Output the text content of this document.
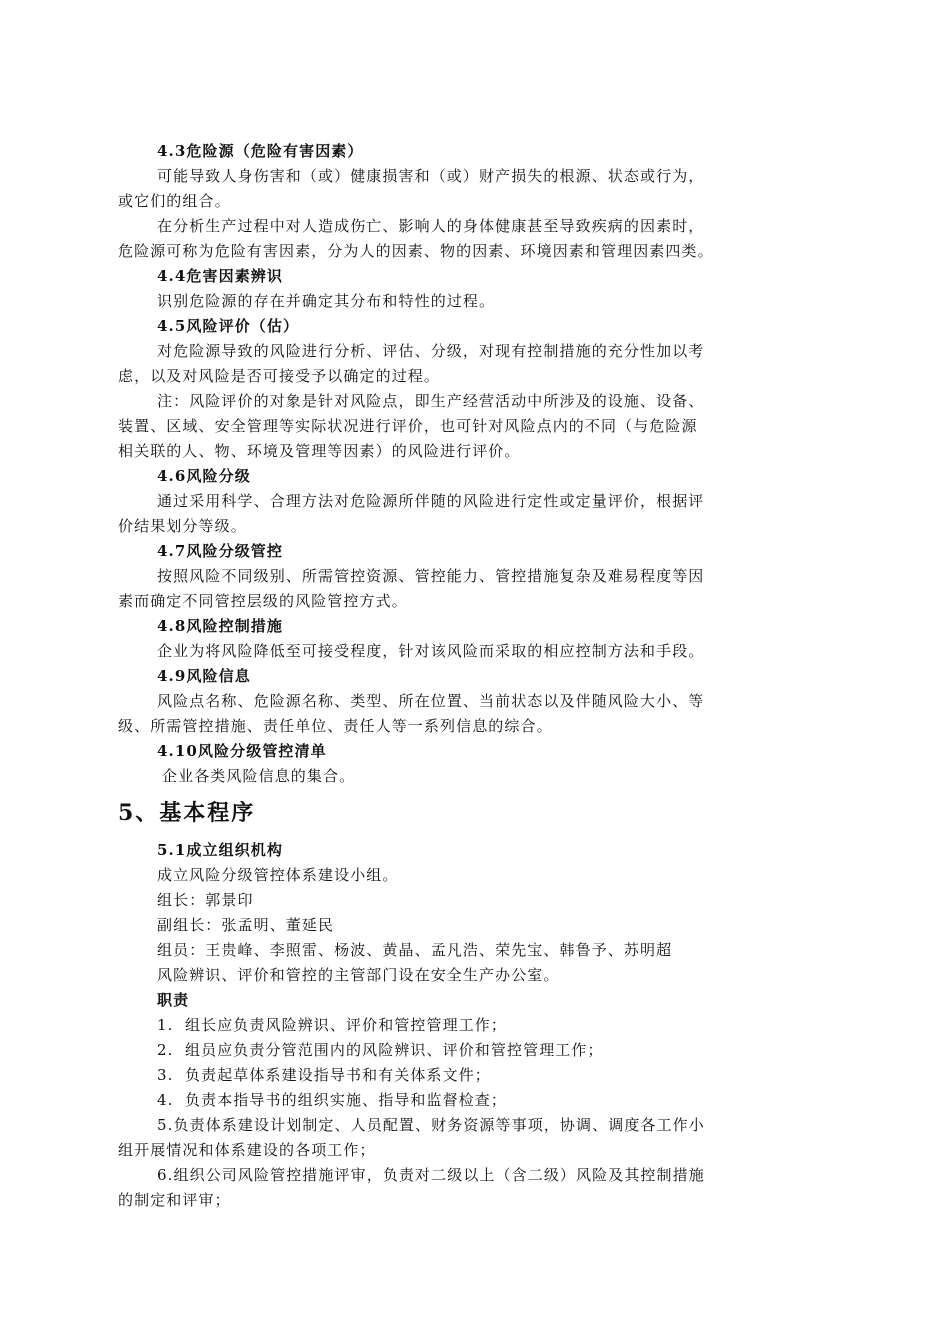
4.3危险源（危险有害因素）
可能导致人身伤害和（或）健康损害和（或）财产损失的根源、状态或行为，
或它们的组合。
在分析生产过程中对人造成伤亡、影响人的身体健康甚至导致疾病的因素时，
危险源可称为危险有害因素，分为人的因素、物的因素、环境因素和管理因素四类。
4.4危害因素辨识
识别危险源的存在并确定其分布和特性的过程。
4.5风险评价（估）
对危险源导致的风险进行分析、评估、分级，对现有控制措施的充分性加以考
虑，以及对风险是否可接受予以确定的过程。
注：风险评价的对象是针对风险点，即生产经营活动中所涉及的设施、设备、
装置、区域、安全管理等实际状况进行评价，也可针对风险点内的不同（与危险源
相关联的人、物、环境及管理等因素）的风险进行评价。
4.6风险分级
通过采用科学、合理方法对危险源所伴随的风险进行定性或定量评价，根据评
价结果划分等级。
4.7风险分级管控
按照风险不同级别、所需管控资源、管控能力、管控措施复杂及难易程度等因
素而确定不同管控层级的风险管控方式。
4.8风险控制措施
企业为将风险降低至可接受程度，针对该风险而采取的相应控制方法和手段。
4.9风险信息
风险点名称、危险源名称、类型、所在位置、当前状态以及伴随风险大小、等
级、所需管控措施、责任单位、责任人等一系列信息的综合。
4.10风险分级管控清单
企业各类风险信息的集合。
5、基本程序
5.1成立组织机构
成立风险分级管控体系建设小组。
组长：郭景印
副组长：张孟明、董延民
组员：王贵峰、李照雷、杨波、黄晶、孟凡浩、荣先宝、韩鲁予、苏明超
风险辨识、评价和管控的主管部门设在安全生产办公室。
职责
1. 组长应负责风险辨识、评价和管控管理工作；
2. 组员应负责分管范围内的风险辨识、评价和管控管理工作；
3. 负责起草体系建设指导书和有关体系文件；
4. 负责本指导书的组织实施、指导和监督检查；
5.负责体系建设计划制定、人员配置、财务资源等事项，协调、调度各工作小
组开展情况和体系建设的各项工作；
6.组织公司风险管控措施评审，负责对二级以上（含二级）风险及其控制措施
的制定和评审；
